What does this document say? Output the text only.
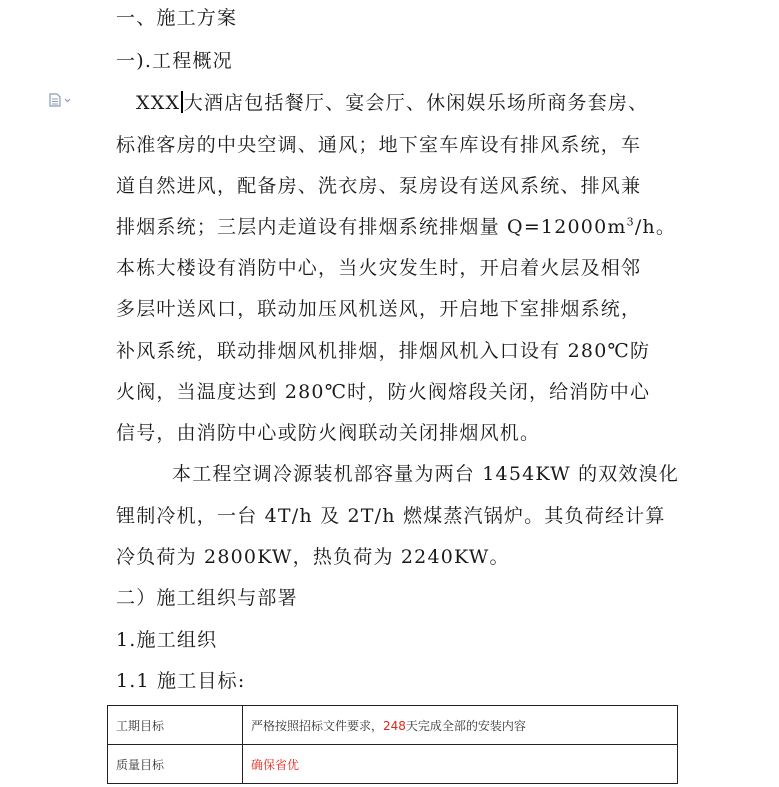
一、施工方案
一).工程概况
XXX 大酒店包括餐厅、宴会厅、休闲娱乐场所商务套房、
标准客房的中央空调、通风；地下室车库设有排风系统，车
道自然进风，配备房、洗衣房、泵房设有送风系统、排风兼
排烟系统；三层内走道设有排烟系统排烟量 $Q=12000m^3/h$。
本栋大楼设有消防中心，当火灾发生时，开启着火层及相邻
多层叶送风口，联动加压风机送风，开启地下室排烟系统，
补风系统，联动排烟风机排烟，排烟风机入口设有 280℃防
火阀，当温度达到 280℃时，防火阀熔段关闭，给消防中心
信号，由消防中心或防火阀联动关闭排烟风机。
本工程空调冷源装机部容量为两台 1454KW 的双效溴化
锂制冷机，一台 4T/h 及 2T/h 燃煤蒸汽锅炉。其负荷经计算
冷负荷为 2800KW，热负荷为 2240KW。
二）施工组织与部署
1.施工组织
1.1 施工目标:
工期目标	严格按照招标文件要求，248天完成全部的安装内容
质量目标	确保省优
